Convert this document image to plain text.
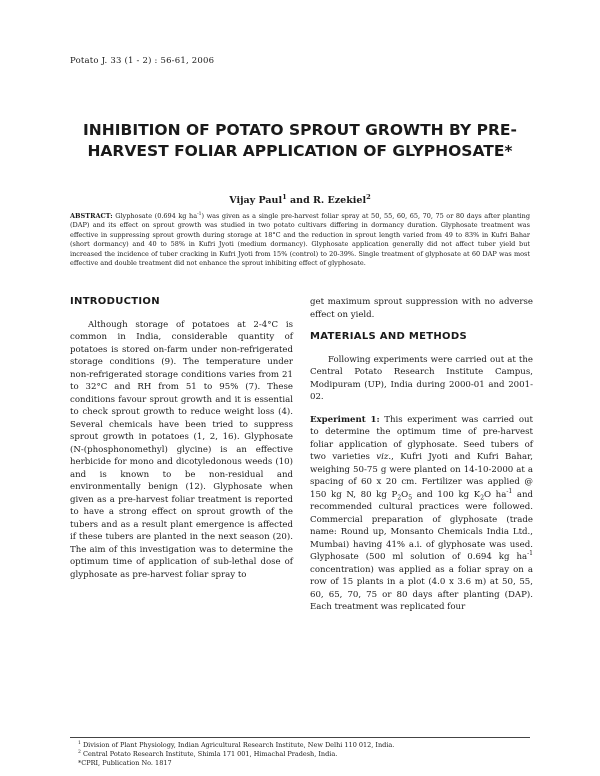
Potato J. 33 (1 - 2) : 56-61, 2006
INHIBITION OF POTATO SPROUT GROWTH BY PRE-HARVEST FOLIAR APPLICATION OF GLYPHOSATE*
Vijay Paul$^1$ and R. Ezekiel$^2$
ABSTRACT: Glyphosate (0.694 kg $ha^{-1}$) was given as a single pre-harvest foliar spray at 50, 55, 60, 65, 70, 75 or 80 days after planting (DAP) and its effect on sprout growth was studied in two potato cultivars differing in dormancy duration. Glyphosate treatment was effective in suppressing sprout growth during storage at 18°C and the reduction in sprout length varied from 49 to 83% in Kufri Bahar (short dormancy) and 40 to 58% in Kufri Jyoti (medium dormancy). Glyphosate application generally did not affect tuber yield but increased the incidence of tuber cracking in Kufri Jyoti from 15% (control) to 20-39%. Single treatment of glyphosate at 60 DAP was most effective and double treatment did not enhance the sprout inhibiting effect of glyphosate.
INTRODUCTION

Although storage of potatoes at 2-4°C is common in India, considerable quantity of potatoes is stored on-farm under non-refrigerated storage conditions (9). The temperature under non-refrigerated storage conditions varies from 21 to 32°C and RH from 51 to 95% (7). These conditions favour sprout growth and it is essential to check sprout growth to reduce weight loss (4). Several chemicals have been tried to suppress sprout growth in potatoes (1, 2, 16). Glyphosate (N-(phosphonomethyl) glycine) is an effective herbicide for mono and dicotyledonous weeds (10) and is known to be non-residual and environmentally benign (12). Glyphosate when given as a pre-harvest foliar treatment is reported to have a strong effect on sprout growth of the tubers and as a result plant emergence is affected if these tubers are planted in the next season (20). The aim of this investigation was to determine the optimum time of application of sub-lethal dose of glyphosate as pre-harvest foliar spray to

get maximum sprout suppression with no adverse effect on yield.

MATERIALS AND METHODS

Following experiments were carried out at the Central Potato Research Institute Campus, Modipuram (UP), India during 2000-01 and 2001-02.

Experiment 1: This experiment was carried out to determine the optimum time of pre-harvest foliar application of glyphosate. Seed tubers of two varieties viz., Kufri Jyoti and Kufri Bahar, weighing 50-75 g were planted on 14-10-2000 at a spacing of 60 x 20 cm. Fertilizer was applied @ 150 kg N, 80 kg $P_2O_5$ and 100 kg $K_2O$ $ha^{-1}$ and recommended cultural practices were followed. Commercial preparation of glyphosate (trade name: Round up, Monsanto Chemicals India Ltd., Mumbai) having 41% a.i. of glyphosate was used. Glyphosate (500 ml solution of 0.694 kg $ha^{-1}$ concentration) was applied as a foliar spray on a row of 15 plants in a plot (4.0 x 3.6 m) at 50, 55, 60, 65, 70, 75 or 80 days after planting (DAP). Each treatment was replicated four

$^1$ Division of Plant Physiology, Indian Agricultural Research Institute, New Delhi 110 012, India.
$^2$ Central Potato Research Institute, Shimla 171 001, Himachal Pradesh, India.
*CPRI, Publication No. 1817
